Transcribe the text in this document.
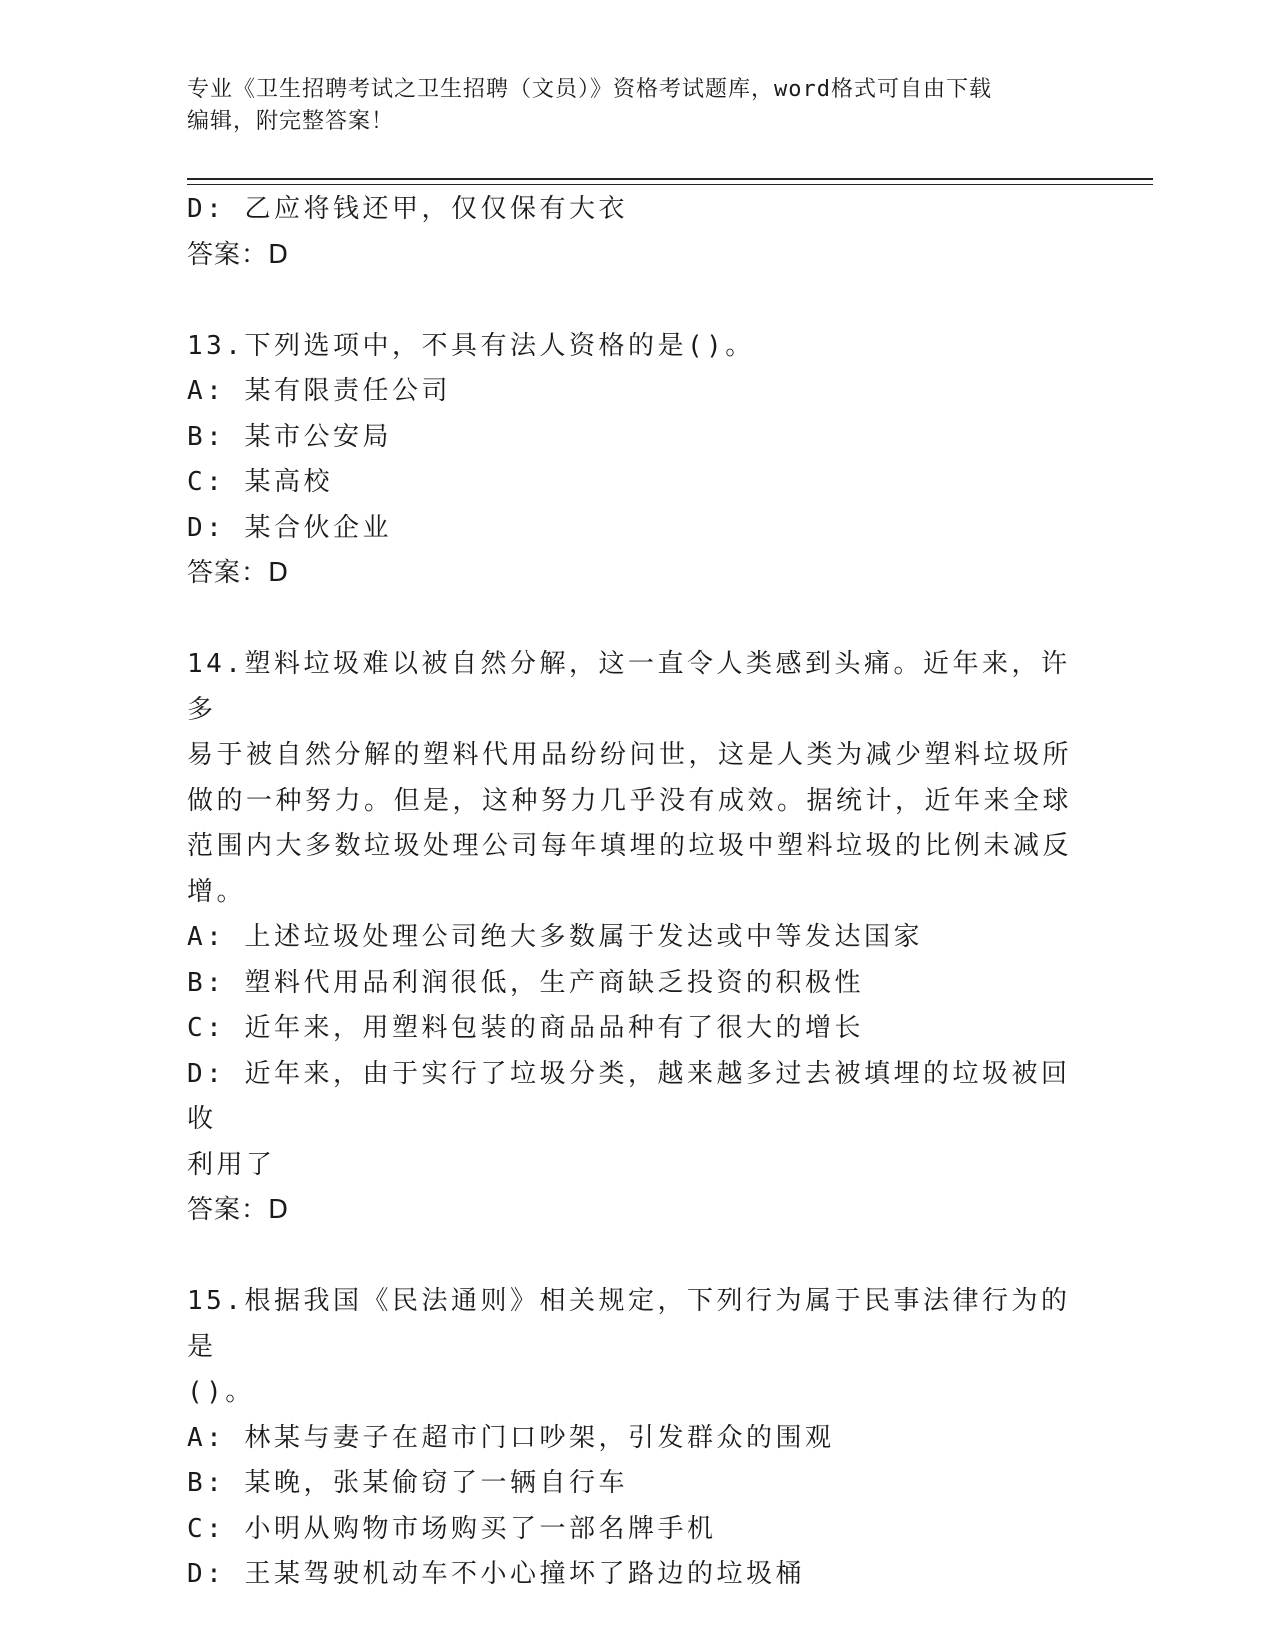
专业《卫生招聘考试之卫生招聘（文员）》资格考试题库，word格式可自由下载
编辑，附完整答案！
D: 乙应将钱还甲，仅仅保有大衣
答案：D
13.下列选项中，不具有法人资格的是()。
A: 某有限责任公司
B: 某市公安局
C: 某高校
D: 某合伙企业
答案：D
14.塑料垃圾难以被自然分解，这一直令人类感到头痛。近年来，许多
易于被自然分解的塑料代用品纷纷问世，这是人类为减少塑料垃圾所
做的一种努力。但是，这种努力几乎没有成效。据统计，近年来全球
范围内大多数垃圾处理公司每年填埋的垃圾中塑料垃圾的比例未减反
增。
A: 上述垃圾处理公司绝大多数属于发达或中等发达国家
B: 塑料代用品利润很低，生产商缺乏投资的积极性
C: 近年来，用塑料包装的商品品种有了很大的增长
D: 近年来，由于实行了垃圾分类，越来越多过去被填埋的垃圾被回收
利用了
答案：D
15.根据我国《民法通则》相关规定，下列行为属于民事法律行为的是
()。
A: 林某与妻子在超市门口吵架，引发群众的围观
B: 某晚，张某偷窃了一辆自行车
C: 小明从购物市场购买了一部名牌手机
D: 王某驾驶机动车不小心撞坏了路边的垃圾桶
